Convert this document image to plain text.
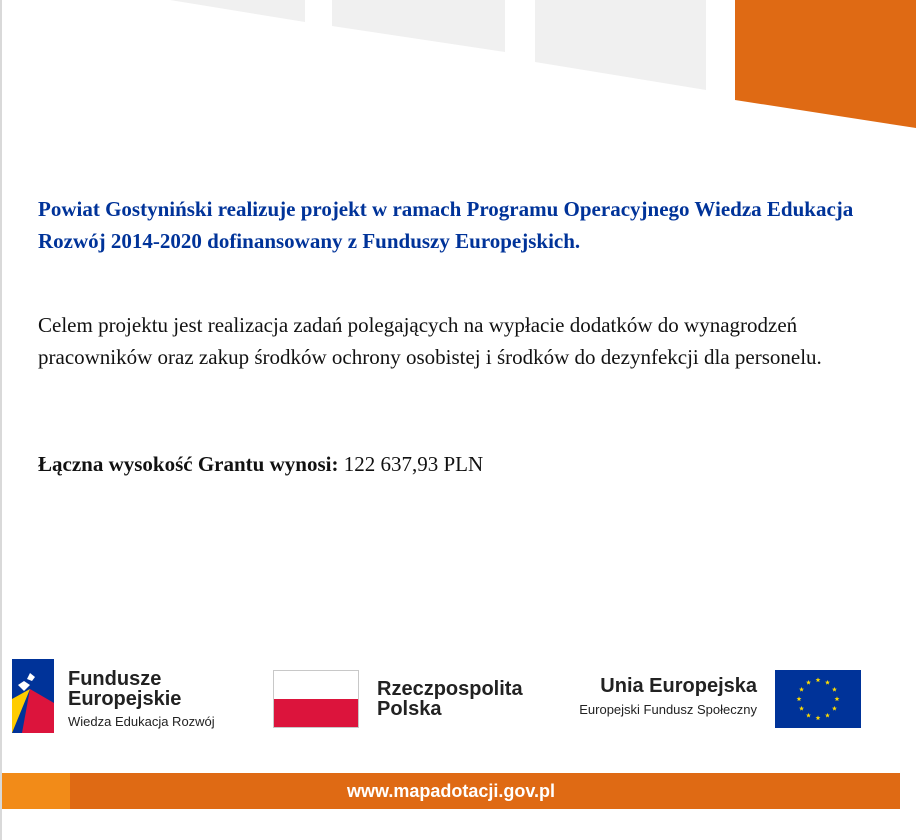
Powiat Gostyniński realizuje projekt w ramach Programu Operacyjnego Wiedza Edukacja Rozwój 2014-2020 dofinansowany z Funduszy Europejskich.

Celem projektu jest realizacja zadań polegających na wypłacie dodatków do wynagrodzeń pracowników oraz zakup środków ochrony osobistej i środków do dezynfekcji dla personelu.

Łączna wysokość Grantu wynosi: 122 637,93 PLN

Fundusze
Europejskie
Wiedza Edukacja Rozwój
Rzeczpospolita
Polska
Unia Europejska
Europejski Fundusz Społeczny
www.mapadotacji.gov.pl
